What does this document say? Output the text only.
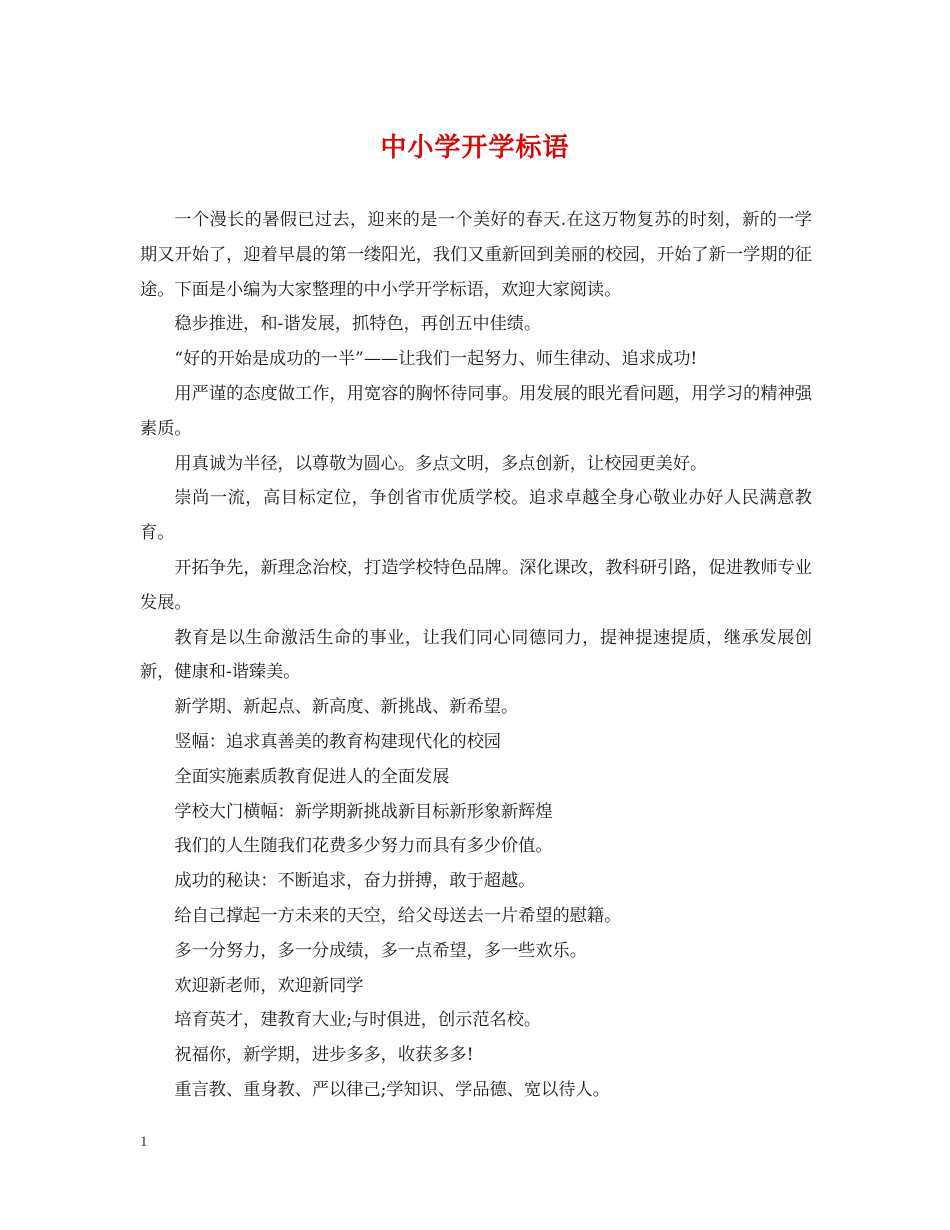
中小学开学标语

一个漫长的暑假已过去，迎来的是一个美好的春天.在这万物复苏的时刻，新的一学期又开始了，迎着早晨的第一缕阳光，我们又重新回到美丽的校园，开始了新一学期的征途。下面是小编为大家整理的中小学开学标语，欢迎大家阅读。

稳步推进，和-谐发展，抓特色，再创五中佳绩。

“好的开始是成功的一半”——让我们一起努力、师生律动、追求成功!

用严谨的态度做工作，用宽容的胸怀待同事。用发展的眼光看问题，用学习的精神强素质。

用真诚为半径，以尊敬为圆心。多点文明，多点创新，让校园更美好。

崇尚一流，高目标定位，争创省市优质学校。追求卓越全身心敬业办好人民满意教育。

开拓争先，新理念治校，打造学校特色品牌。深化课改，教科研引路，促进教师专业发展。

教育是以生命激活生命的事业，让我们同心同德同力，提神提速提质，继承发展创新，健康和-谐臻美。

新学期、新起点、新高度、新挑战、新希望。

竖幅：追求真善美的教育构建现代化的校园

全面实施素质教育促进人的全面发展

学校大门横幅：新学期新挑战新目标新形象新辉煌

我们的人生随我们花费多少努力而具有多少价值。

成功的秘诀：不断追求，奋力拼搏，敢于超越。

给自己撑起一方未来的天空，给父母送去一片希望的慰籍。

多一分努力，多一分成绩，多一点希望，多一些欢乐。

欢迎新老师，欢迎新同学

培育英才，建教育大业;与时俱进，创示范名校。

祝福你，新学期，进步多多，收获多多!

重言教、重身教、严以律己;学知识、学品德、宽以待人。

1
